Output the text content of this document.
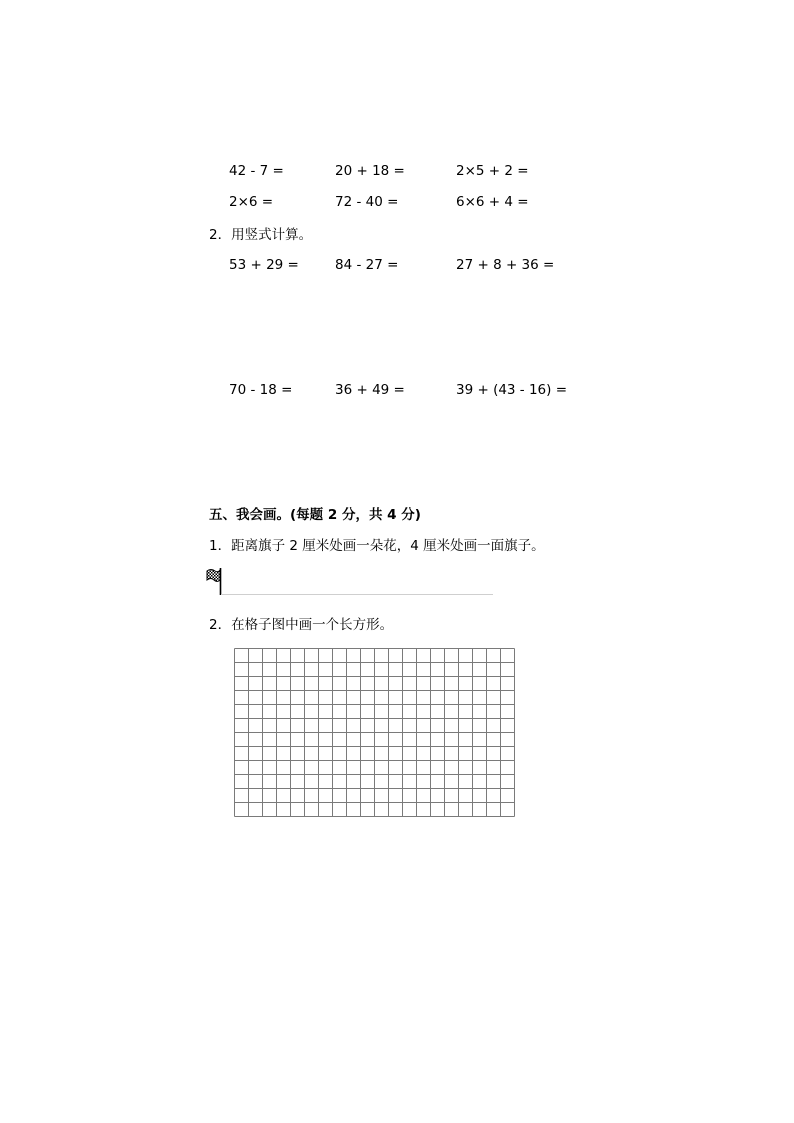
42 - 7 =	20 + 18 =	2×5 + 2 =
2×6 =	72 - 40 =	6×6 + 4 =
2．用竖式计算。
53 + 29 =	84 - 27 =	27 + 8 + 36 =
70 - 18 =	36 + 49 =	39 + (43 - 16) =
五、我会画。(每题 2 分，共 4 分)
1．距离旗子 2 厘米处画一朵花，4 厘米处画一面旗子。
2．在格子图中画一个长方形。
